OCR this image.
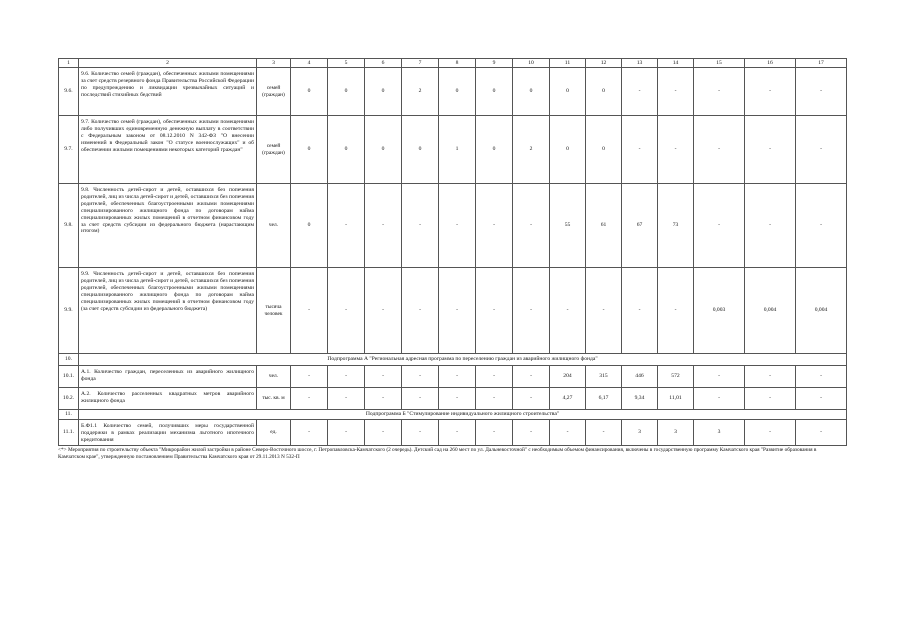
1	2	3	4	5	6	7	8	9	10	11	12	13	14	15	16	17
9.6.	9.6. Количество семей (граждан), обеспеченных жилыми помещениями за счет средств резервного фонда Правительства Российской Федерации по предупреждению и ликвидации чрезвычайных ситуаций и последствий стихийных бедствий	семей (граждан)	0	0	0	2	0	0	0	0	0	-	-	-	-	-
9.7.	9.7. Количество семей (граждан), обеспеченных жилыми помещениями либо получивших единовременную денежную выплату в соответствии с Федеральным законом от 08.12.2010 N 342-ФЗ "О внесении изменений в Федеральный закон "О статусе военнослужащих" и об обеспечении жилыми помещениями некоторых категорий граждан"	семей (граждан)	0	0	0	0	1	0	2	0	0	-	-	-	-	-
9.8.	9.8. Численность детей-сирот и детей, оставшихся без попечения родителей, лиц из числа детей-сирот и детей, оставшихся без попечения родителей, обеспеченных благоустроенными жилыми помещениями специализированного жилищного фонда по договорам найма специализированных жилых помещений в отчетном финансовом году за счет средств субсидии из федерального бюджета (нарастающим итогом)	чел.	0	-	-	-	-	-	-	55	61	67	73	-	-	-
9.9.	9.9. Численность детей-сирот и детей, оставшихся без попечения родителей, лиц из числа детей-сирот и детей, оставшихся без попечения родителей, обеспеченных благоустроенными жилыми помещениями специализированного жилищного фонда по договорам найма специализированных жилых помещений в отчетном финансовом году (за счет средств субсидии из федерального бюджета)	тысяча человек	-	-	-	-	-	-	-	-	-	-	-	0,003	0,004	0,004
10.	Подпрограмма А "Региональная адресная программа по переселению граждан из аварийного жилищного фонда"															
10.1.	А.1. Количество граждан, переселенных из аварийного жилищного фонда	чел.	-	-	-	-	-	-	-	204	315	446	572	-	-	-
10.2.	А.2. Количество расселенных квадратных метров аварийного жилищного фонда	тыс. кв. м	-	-	-	-	-	-	-	4,27	6,17	9,34	11,01	-	-	-
11.	Подпрограмма Б "Стимулирование индивидуального жилищного строительства"															
11.1.	Б.Ф1.1 Количество семей, получивших меры государственной поддержки в рамках реализации механизма льготного ипотечного кредитования	ед.	-	-	-	-	-	-	-	-	-	3	3	3	-	-
<*> Мероприятия по строительству объекта "Микрорайон жилой застройки в районе Северо-Восточного шоссе, г. Петропавловска-Камчатского (2 очередь). Детский сад на 260 мест по ул. Дальневосточной" с необходимым объемом финансирования, включены в государственную программу Камчатского края "Развитие образования в Камчатском крае", утвержденную постановлением Правительства Камчатского края от 29.11.2013 N 532-П
